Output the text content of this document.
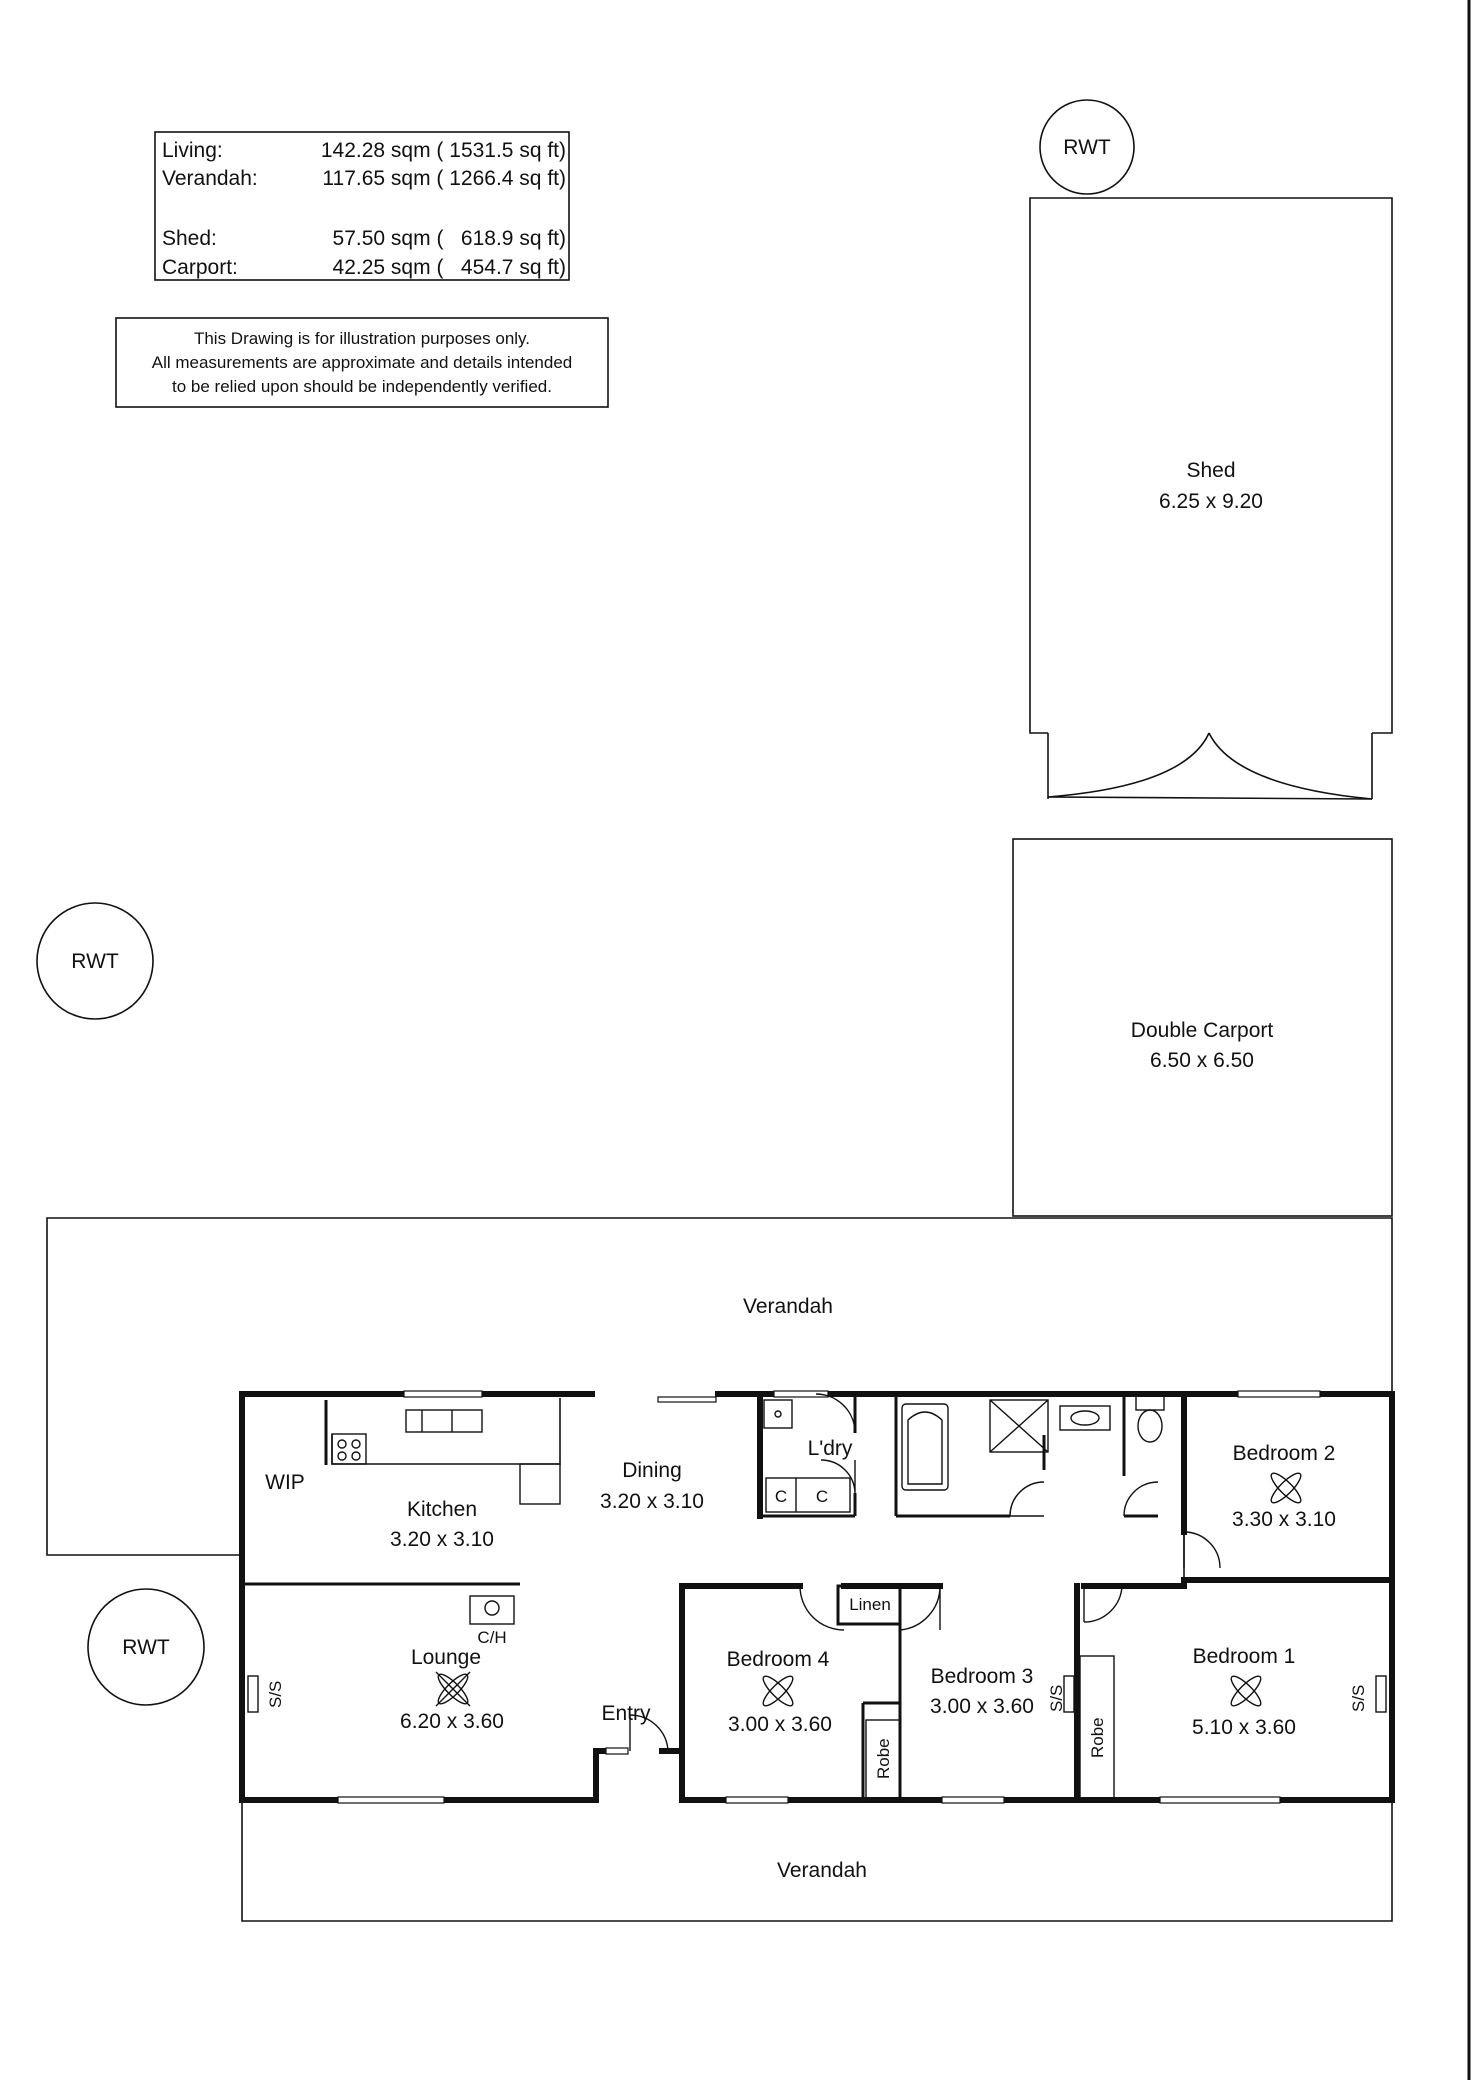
Living:	142.28 sqm ( 1531.5 sq ft)
Verandah:	117.65 sqm ( 1266.4 sq ft)
Shed:	57.50 sqm (   618.9 sq ft)
Carport:	42.25 sqm (   454.7 sq ft)
This Drawing is for illustration purposes only.
All measurements are approximate and details intended
to be relied upon should be independently verified.
RWT
RWT
RWT
Shed
6.25 x 9.20
Double Carport
6.50 x 6.50
Verandah
Verandah
C C
C/H
S/S	S/S	S/S
Robe
Robe
WIP
Kitchen
3.20 x 3.10
Dining
3.20 x 3.10
L'dry	Bedroom 2
3.30 x 3.10
Lounge
6.20 x 3.60
Bedroom 4
3.00 x 3.60
Bedroom 3
3.00 x 3.60
Bedroom 1
5.10 x 3.60
Entry
Linen
